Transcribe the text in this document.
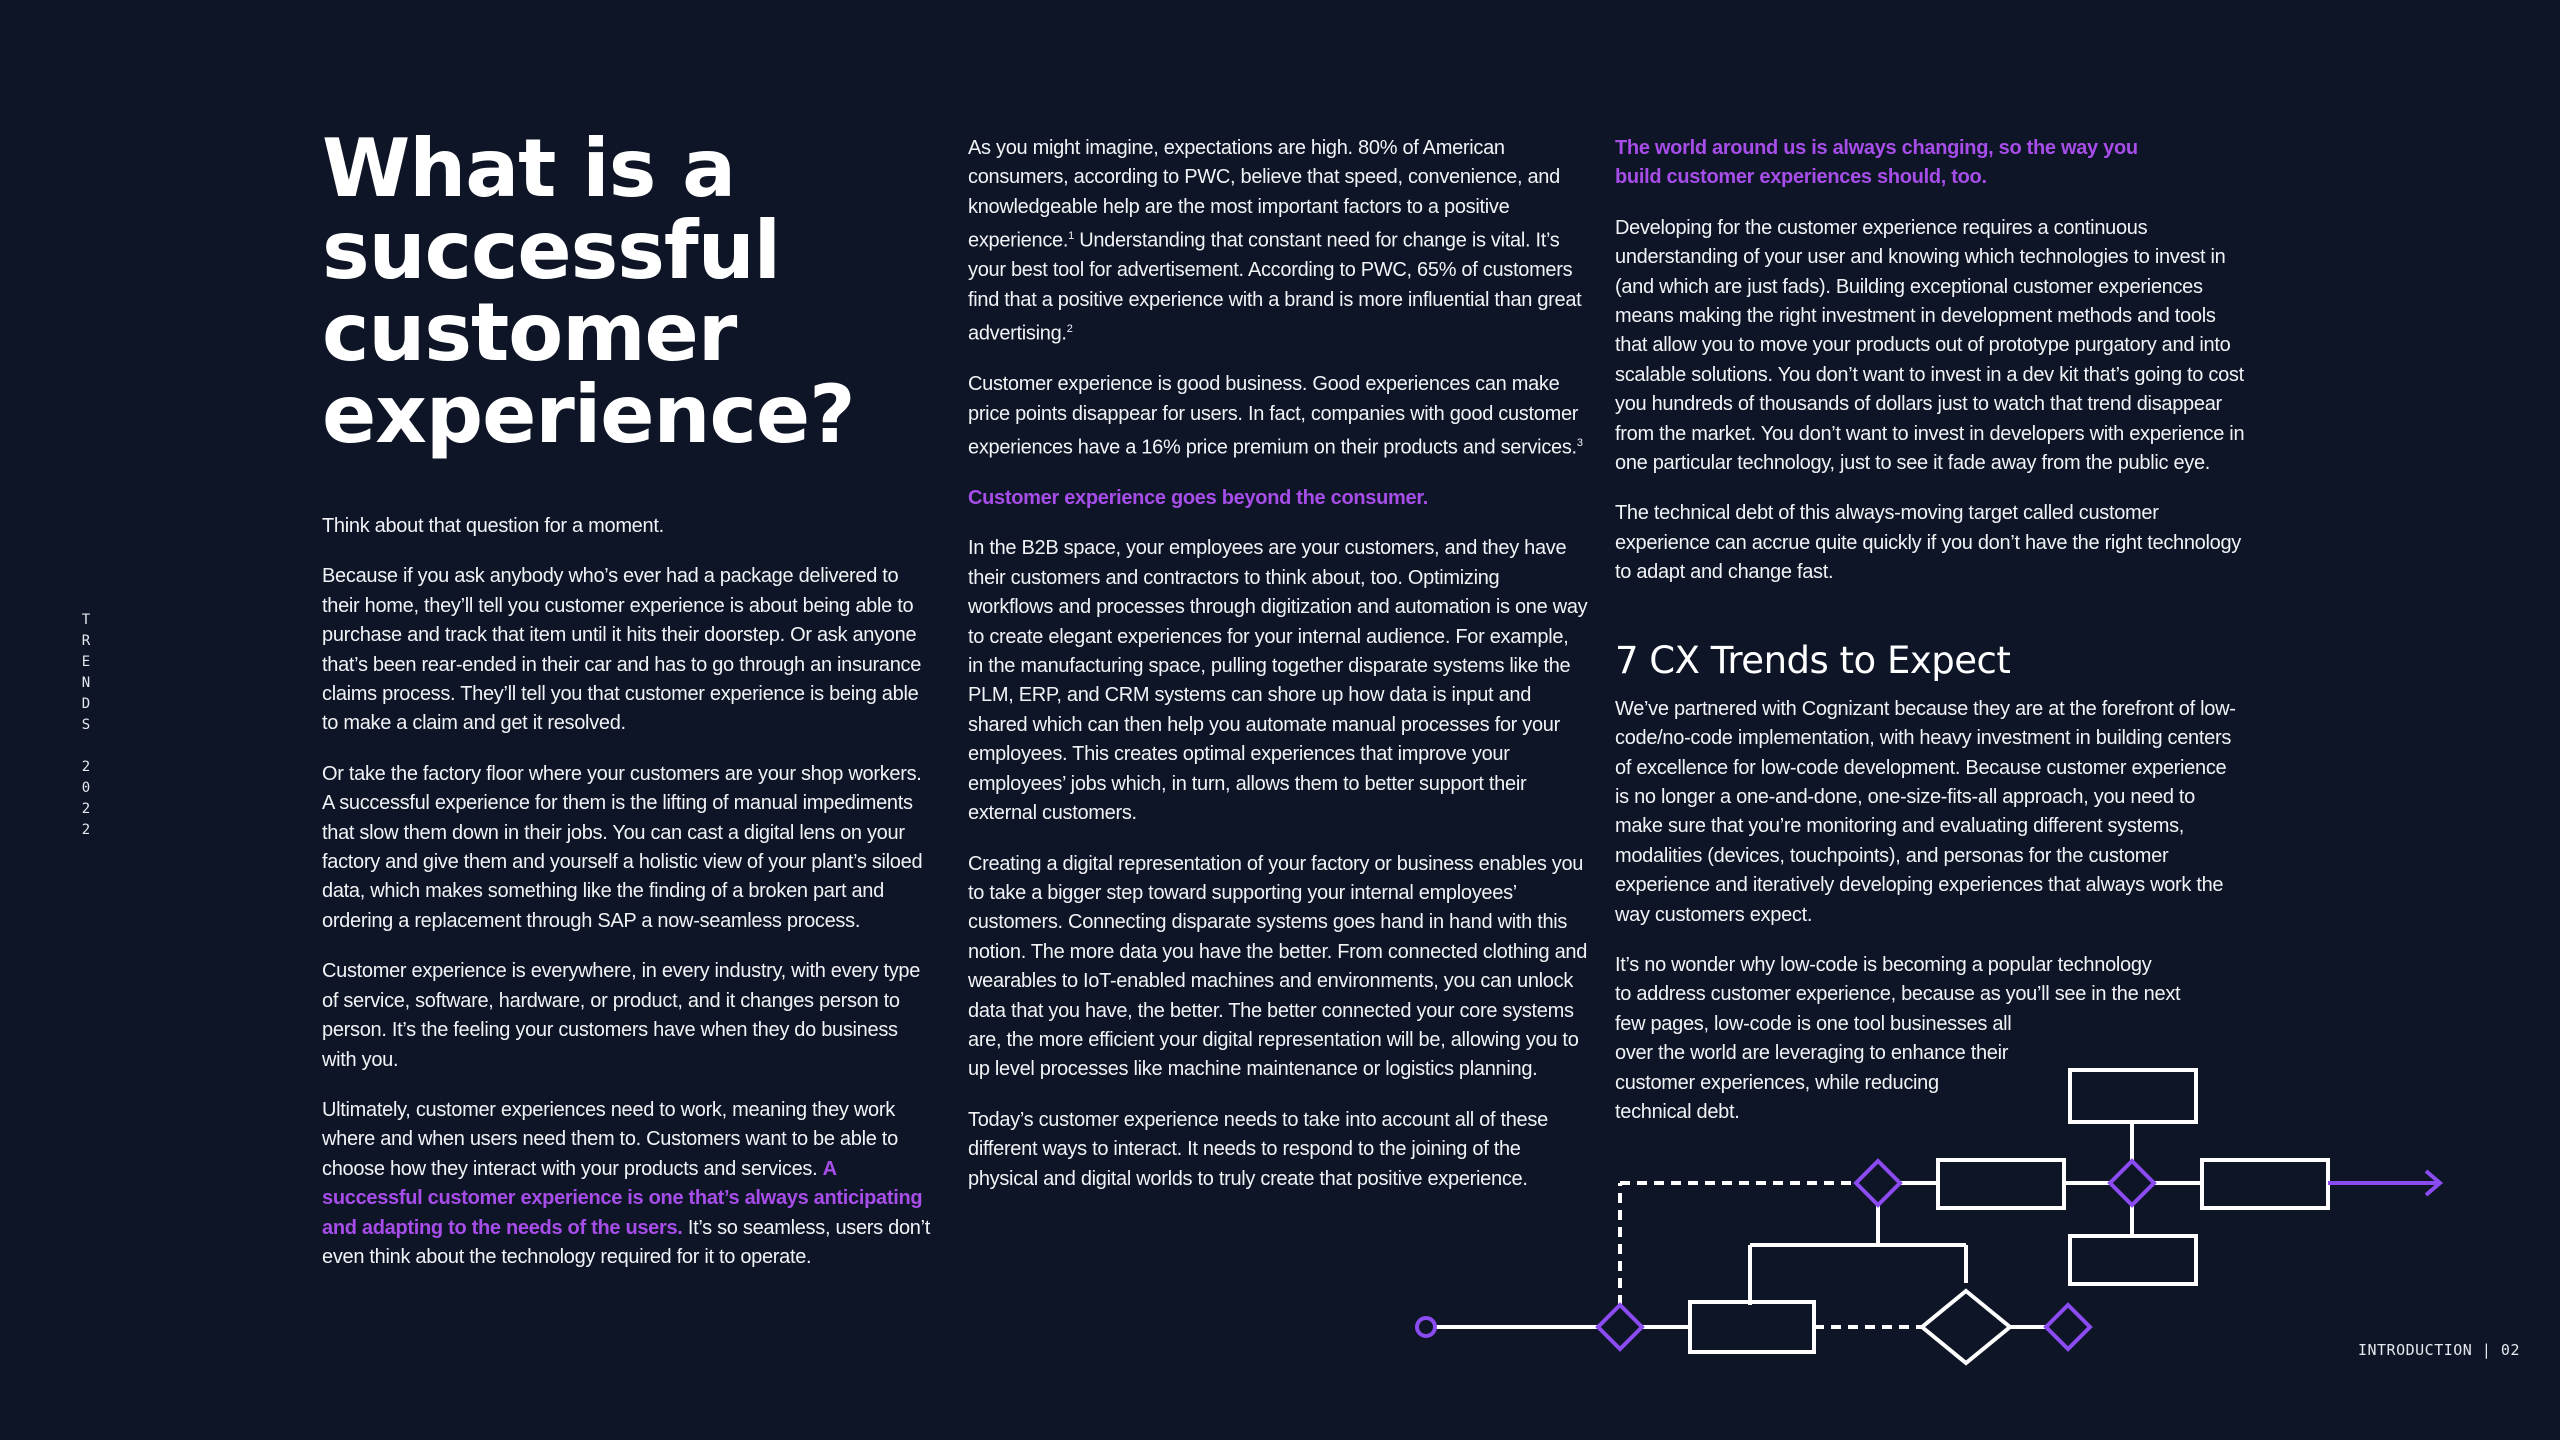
T
R
E
N
D
S
2
0
2
2
What is a successful customer experience?

Think about that question for a moment.

Because if you ask anybody who’s ever had a package delivered to their home, they’ll tell you customer experience is about being able to purchase and track that item until it hits their doorstep. Or ask anyone that’s been rear-ended in their car and has to go through an insurance claims process. They’ll tell you that customer experience is being able to make a claim and get it resolved.

Or take the factory floor where your customers are your shop workers. A successful experience for them is the lifting of manual impediments that slow them down in their jobs. You can cast a digital lens on your factory and give them and yourself a holistic view of your plant’s siloed data, which makes something like the finding of a broken part and ordering a replacement through SAP a now-seamless process.

Customer experience is everywhere, in every industry, with every type of service, software, hardware, or product, and it changes person to person. It’s the feeling your customers have when they do business with you.

Ultimately, customer experiences need to work, meaning they work where and when users need them to. Customers want to be able to choose how they interact with your products and services. A successful customer experience is one that’s always anticipating and adapting to the needs of the users. It’s so seamless, users don’t even think about the technology required for it to operate.

As you might imagine, expectations are high. 80% of American consumers, according to PWC, believe that speed, convenience, and knowledgeable help are the most important factors to a positive experience.$^1$ Understanding that constant need for change is vital. It’s your best tool for advertisement. According to PWC, 65% of customers find that a positive experience with a brand is more influential than great advertising.$^2$

Customer experience is good business. Good experiences can make price points disappear for users. In fact, companies with good customer experiences have a 16% price premium on their products and services.$^3$

Customer experience goes beyond the consumer.

In the B2B space, your employees are your customers, and they have their customers and contractors to think about, too. Optimizing workflows and processes through digitization and automation is one way to create elegant experiences for your internal audience. For example, in the manufacturing space, pulling together disparate systems like the PLM, ERP, and CRM systems can shore up how data is input and shared which can then help you automate manual processes for your employees. This creates optimal experiences that improve your employees’ jobs which, in turn, allows them to better support their external customers.

Creating a digital representation of your factory or business enables you to take a bigger step toward supporting your internal employees’ customers. Connecting disparate systems goes hand in hand with this notion. The more data you have the better. From connected clothing and wearables to IoT-enabled machines and environments, you can unlock data that you have, the better. The better connected your core systems are, the more efficient your digital representation will be, allowing you to up level processes like machine maintenance or logistics planning.

Today’s customer experience needs to take into account all of these different ways to interact. It needs to respond to the joining of the physical and digital worlds to truly create that positive experience.

The world around us is always changing, so the way you build customer experiences should, too.

Developing for the customer experience requires a continuous understanding of your user and knowing which technologies to invest in (and which are just fads). Building exceptional customer experiences means making the right investment in development methods and tools that allow you to move your products out of prototype purgatory and into scalable solutions. You don’t want to invest in a dev kit that’s going to cost you hundreds of thousands of dollars just to watch that trend disappear from the market. You don’t want to invest in developers with experience in one particular technology, just to see it fade away from the public eye.

The technical debt of this always-moving target called customer experience can accrue quite quickly if you don’t have the right technology to adapt and change fast.

7 CX Trends to Expect

We’ve partnered with Cognizant because they are at the forefront of low-code/no-code implementation, with heavy investment in building centers of excellence for low-code development. Because customer experience is no longer a one-and-done, one-size-fits-all approach, you need to make sure that you’re monitoring and evaluating different systems, modalities (devices, touchpoints), and personas for the customer experience and iteratively developing experiences that always work the way customers expect.

It’s no wonder why low-code is becoming a popular technology
to address customer experience, because as you’ll see in the next
few pages, low-code is one tool businesses all
over the world are leveraging to enhance their
customer experiences, while reducing
technical debt.

INTRODUCTION | 02
